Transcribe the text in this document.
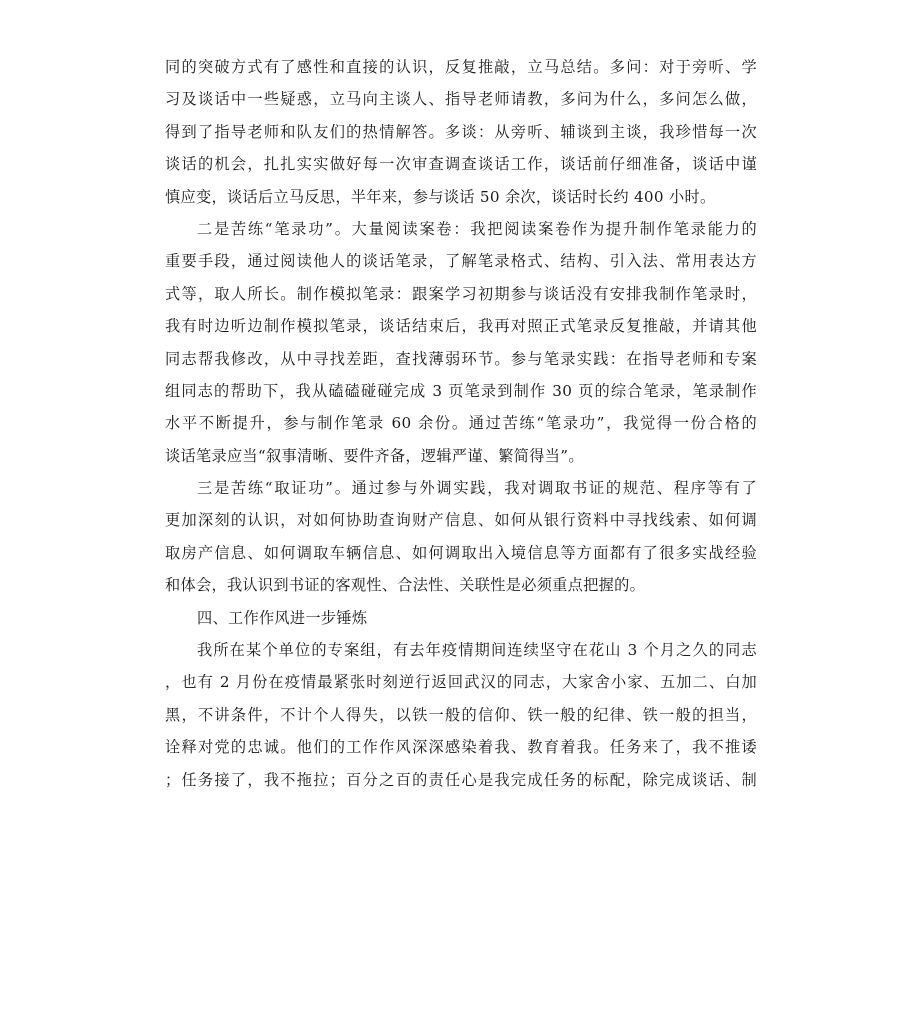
同的突破方式有了感性和直接的认识，反复推敲，立马总结。多问：对于旁听、学
习及谈话中一些疑惑，立马向主谈人、指导老师请教，多问为什么，多问怎么做，
得到了指导老师和队友们的热情解答。多谈：从旁听、辅谈到主谈，我珍惜每一次
谈话的机会，扎扎实实做好每一次审查调查谈话工作，谈话前仔细准备，谈话中谨
慎应变，谈话后立马反思，半年来，参与谈话 50 余次，谈话时长约 400 小时。
二是苦练“笔录功”。大量阅读案卷：我把阅读案卷作为提升制作笔录能力的
重要手段，通过阅读他人的谈话笔录，了解笔录格式、结构、引入法、常用表达方
式等，取人所长。制作模拟笔录：跟案学习初期参与谈话没有安排我制作笔录时，
我有时边听边制作模拟笔录，谈话结束后，我再对照正式笔录反复推敲，并请其他
同志帮我修改，从中寻找差距，查找薄弱环节。参与笔录实践：在指导老师和专案
组同志的帮助下，我从磕磕碰碰完成 3 页笔录到制作 30 页的综合笔录，笔录制作
水平不断提升，参与制作笔录 60 余份。通过苦练“笔录功”，我觉得一份合格的
谈话笔录应当“叙事清晰、要件齐备，逻辑严谨、繁简得当”。
三是苦练“取证功”。通过参与外调实践，我对调取书证的规范、程序等有了
更加深刻的认识，对如何协助查询财产信息、如何从银行资料中寻找线索、如何调
取房产信息、如何调取车辆信息、如何调取出入境信息等方面都有了很多实战经验
和体会，我认识到书证的客观性、合法性、关联性是必须重点把握的。
四、工作作风进一步锤炼
我所在某个单位的专案组，有去年疫情期间连续坚守在花山 3 个月之久的同志
，也有 2 月份在疫情最紧张时刻逆行返回武汉的同志，大家舍小家、五加二、白加
黑，不讲条件，不计个人得失，以铁一般的信仰、铁一般的纪律、铁一般的担当，
诠释对党的忠诚。他们的工作作风深深感染着我、教育着我。任务来了，我不推诿
；任务接了，我不拖拉；百分之百的责任心是我完成任务的标配，除完成谈话、制
